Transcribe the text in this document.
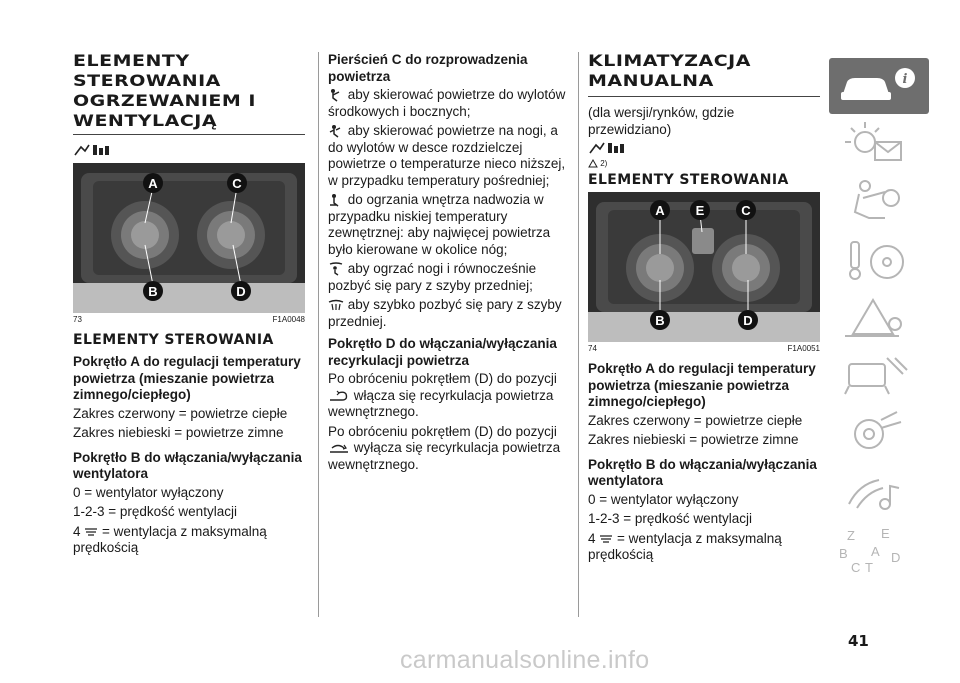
ELEMENTY
STEROWANIA
OGRZEWANIEM I
WENTYLACJĄ
A	C
B	D
73	F1A0048
ELEMENTY STEROWANIA
Pokrętło A do regulacji temperatury powietrza (mieszanie powietrza zimnego/ciepłego)

Zakres czerwony = powietrze ciepłe

Zakres niebieski = powietrze zimne

Pokrętło B do włączania/wyłączania wentylatora

0 = wentylator wyłączony

1-2-3 = prędkość wentylacji

4 = wentylacja z maksymalną prędkością

Pierścień C do rozprowadzenia powietrza

aby skierować powietrze do wylotów środkowych i bocznych;

aby skierować powietrze na nogi, a do wylotów w desce rozdzielczej powietrze o temperaturze nieco niższej, w przypadku temperatury pośredniej;

do ogrzania wnętrza nadwozia w przypadku niskiej temperatury zewnętrznej: aby najwięcej powietrza było kierowane w okolice nóg;

aby ogrzać nogi i równocześnie pozbyć się pary z szyby przedniej;

aby szybko pozbyć się pary z szyby przedniej.

Pokrętło D do włączania/wyłączania recyrkulacji powietrza

Po obróceniu pokrętłem (D) do pozycji

włącza się recyrkulacja powietrza wewnętrznego.

Po obróceniu pokrętłem (D) do pozycji

wyłącza się recyrkulacja powietrza wewnętrznego.

KLIMATYZACJA
MANUALNA

(dla wersji/rynków, gdzie przewidziano)

2)
ELEMENTY STEROWANIA
A E	C
B	D
74	F1A0051
Pokrętło A do regulacji temperatury powietrza (mieszanie powietrza zimnego/ciepłego)

Zakres czerwony = powietrze ciepłe

Zakres niebieski = powietrze zimne

Pokrętło B do włączania/wyłączania wentylatora

0 = wentylator wyłączony

1-2-3 = prędkość wentylacji

4 = wentylacja z maksymalną prędkością

i
Z E
B A
C T
D
41
carmanualsonline.info
